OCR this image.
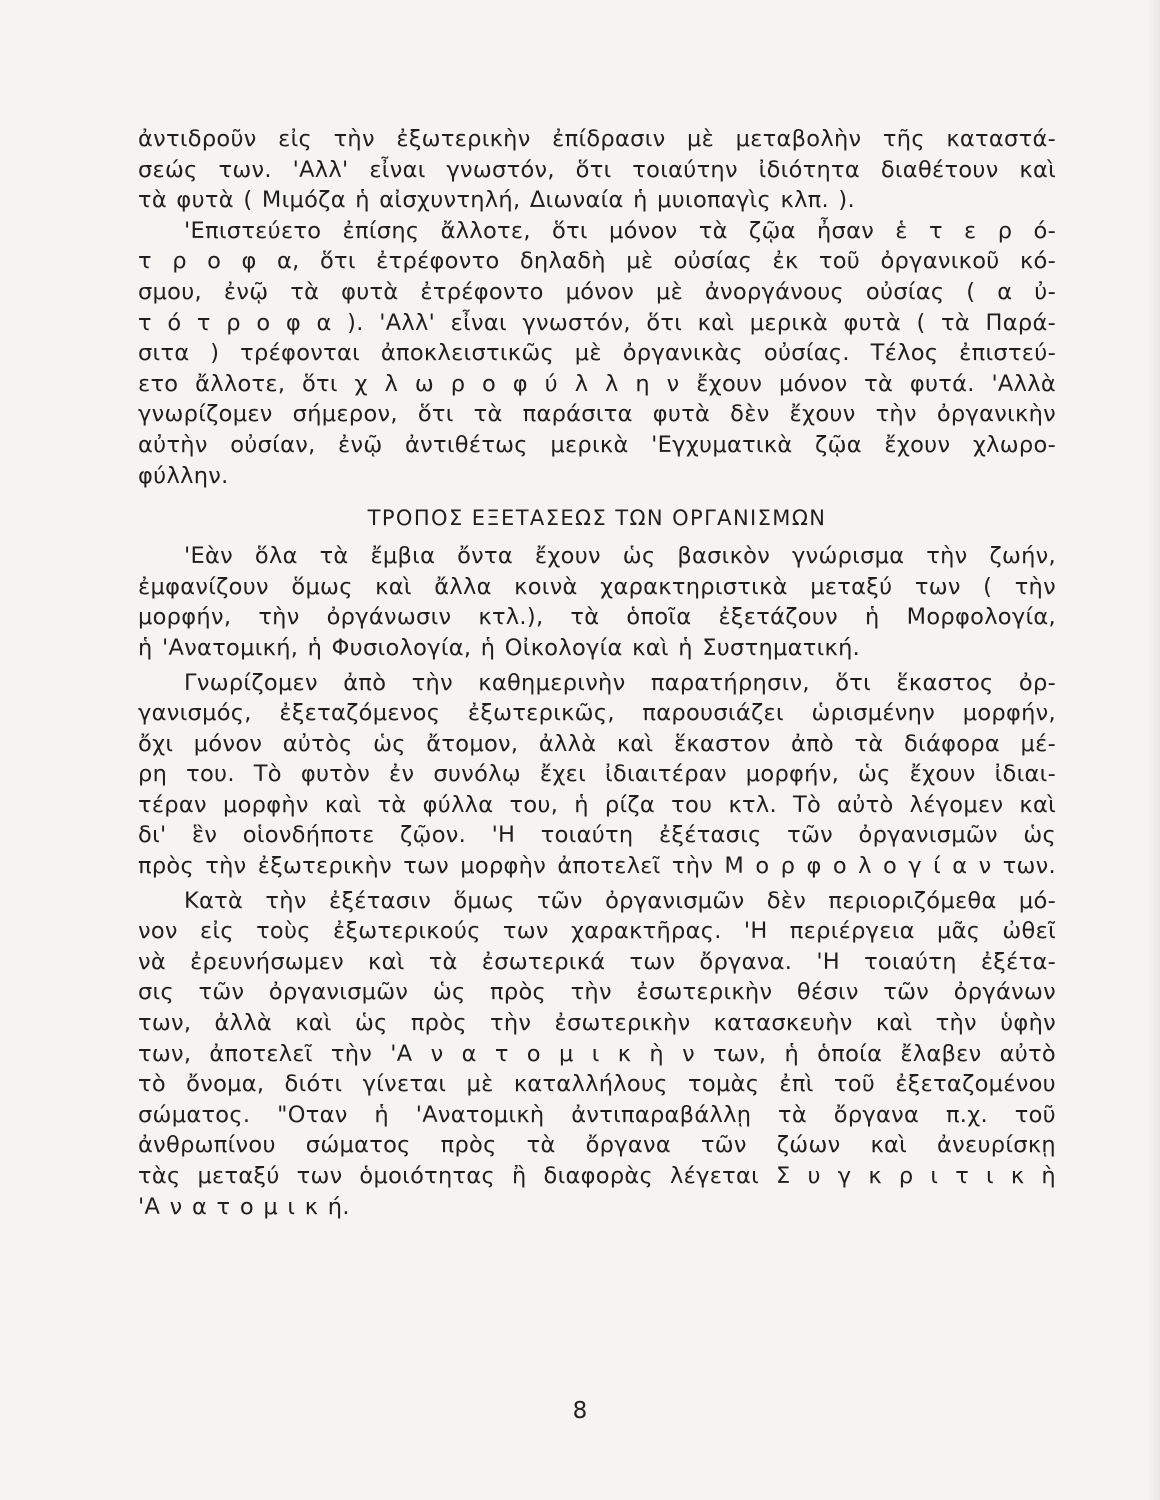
ἀντιδροῦν εἰς τὴν ἐξωτερικὴν ἐπίδρασιν μὲ μεταβολὴν τῆς καταστά-
σεώς των. 'Αλλ' εἶναι γνωστόν, ὅτι τοιαύτην ἰδιότητα διαθέτουν καὶ
τὰ φυτὰ ( Μιμόζα ἡ αἰσχυντηλή, Διωναία ἡ μυιοπαγὶς κλπ. ).
'Επιστεύετο ἐπίσης ἄλλοτε, ὅτι μόνον τὰ ζῷα ἦσαν ἑ τ ε ρ ό-
τ ρ ο φ α, ὅτι ἐτρέφοντο δηλαδὴ μὲ οὐσίας ἐκ τοῦ ὀργανικοῦ κό-
σμου, ἐνῷ τὰ φυτὰ ἐτρέφοντο μόνον μὲ ἀνοργάνους οὐσίας ( α ὐ-
τ ό τ ρ ο φ α ). 'Αλλ' εἶναι γνωστόν, ὅτι καὶ μερικὰ φυτὰ ( τὰ Παρά-
σιτα ) τρέφονται ἀποκλειστικῶς μὲ ὀργανικὰς οὐσίας. Τέλος ἐπιστεύ-
ετο ἄλλοτε, ὅτι χ λ ω ρ ο φ ύ λ λ η ν ἔχουν μόνον τὰ φυτά. 'Αλλὰ
γνωρίζομεν σήμερον, ὅτι τὰ παράσιτα φυτὰ δὲν ἔχουν τὴν ὀργανικὴν
αὐτὴν οὐσίαν, ἐνῷ ἀντιθέτως μερικὰ 'Εγχυματικὰ ζῷα ἔχουν χλωρο-
φύλλην.
ΤΡΟΠΟΣ ΕΞΕΤΑΣΕΩΣ ΤΩΝ ΟΡΓΑΝΙΣΜΩΝ
'Εὰν ὅλα τὰ ἔμβια ὄντα ἔχουν ὡς βασικὸν γνώρισμα τὴν ζωήν,
ἐμφανίζουν ὅμως καὶ ἄλλα κοινὰ χαρακτηριστικὰ μεταξύ των ( τὴν
μορφήν, τὴν ὀργάνωσιν κτλ.), τὰ ὁποῖα ἐξετάζουν ἡ Μορφολογία,
ἡ 'Ανατομική, ἡ Φυσιολογία, ἡ Οἰκολογία καὶ ἡ Συστηματική.
Γνωρίζομεν ἀπὸ τὴν καθημερινὴν παρατήρησιν, ὅτι ἕκαστος ὀρ-
γανισμός, ἐξεταζόμενος ἐξωτερικῶς, παρουσιάζει ὡρισμένην μορφήν,
ὄχι μόνον αὐτὸς ὡς ἄτομον, ἀλλὰ καὶ ἕκαστον ἀπὸ τὰ διάφορα μέ-
ρη του. Τὸ φυτὸν ἐν συνόλῳ ἔχει ἰδιαιτέραν μορφήν, ὡς ἔχουν ἰδιαι-
τέραν μορφὴν καὶ τὰ φύλλα του, ἡ ρίζα του κτλ. Τὸ αὐτὸ λέγομεν καὶ
δι' ἓν οἱονδήποτε ζῷον. 'Η τοιαύτη ἐξέτασις τῶν ὀργανισμῶν ὡς
πρὸς τὴν ἐξωτερικὴν των μορφὴν ἀποτελεῖ τὴν Μ ο ρ φ ο λ ο γ ί α ν των.
Κατὰ τὴν ἐξέτασιν ὅμως τῶν ὀργανισμῶν δὲν περιοριζόμεθα μό-
νον εἰς τοὺς ἐξωτερικούς των χαρακτῆρας. 'Η περιέργεια μᾶς ὠθεῖ
νὰ ἐρευνήσωμεν καὶ τὰ ἐσωτερικά των ὄργανα. 'Η τοιαύτη ἐξέτα-
σις τῶν ὀργανισμῶν ὡς πρὸς τὴν ἐσωτερικὴν θέσιν τῶν ὀργάνων
των, ἀλλὰ καὶ ὡς πρὸς τὴν ἐσωτερικὴν κατασκευὴν καὶ τὴν ὑφὴν
των, ἀποτελεῖ τὴν 'Α ν α τ ο μ ι κ ὴ ν των, ἡ ὁποία ἔλαβεν αὐτὸ
τὸ ὄνομα, διότι γίνεται μὲ καταλλήλους τομὰς ἐπὶ τοῦ ἐξεταζομένου
σώματος. "Οταν ἡ 'Ανατομικὴ ἀντιπαραβάλλῃ τὰ ὄργανα π.χ. τοῦ
ἀνθρωπίνου σώματος πρὸς τὰ ὄργανα τῶν ζώων καὶ ἀνευρίσκῃ
τὰς μεταξύ των ὁμοιότητας ἢ διαφορὰς λέγεται Σ υ γ κ ρ ι τ ι κ ὴ
'Α ν α τ ο μ ι κ ή.
8
